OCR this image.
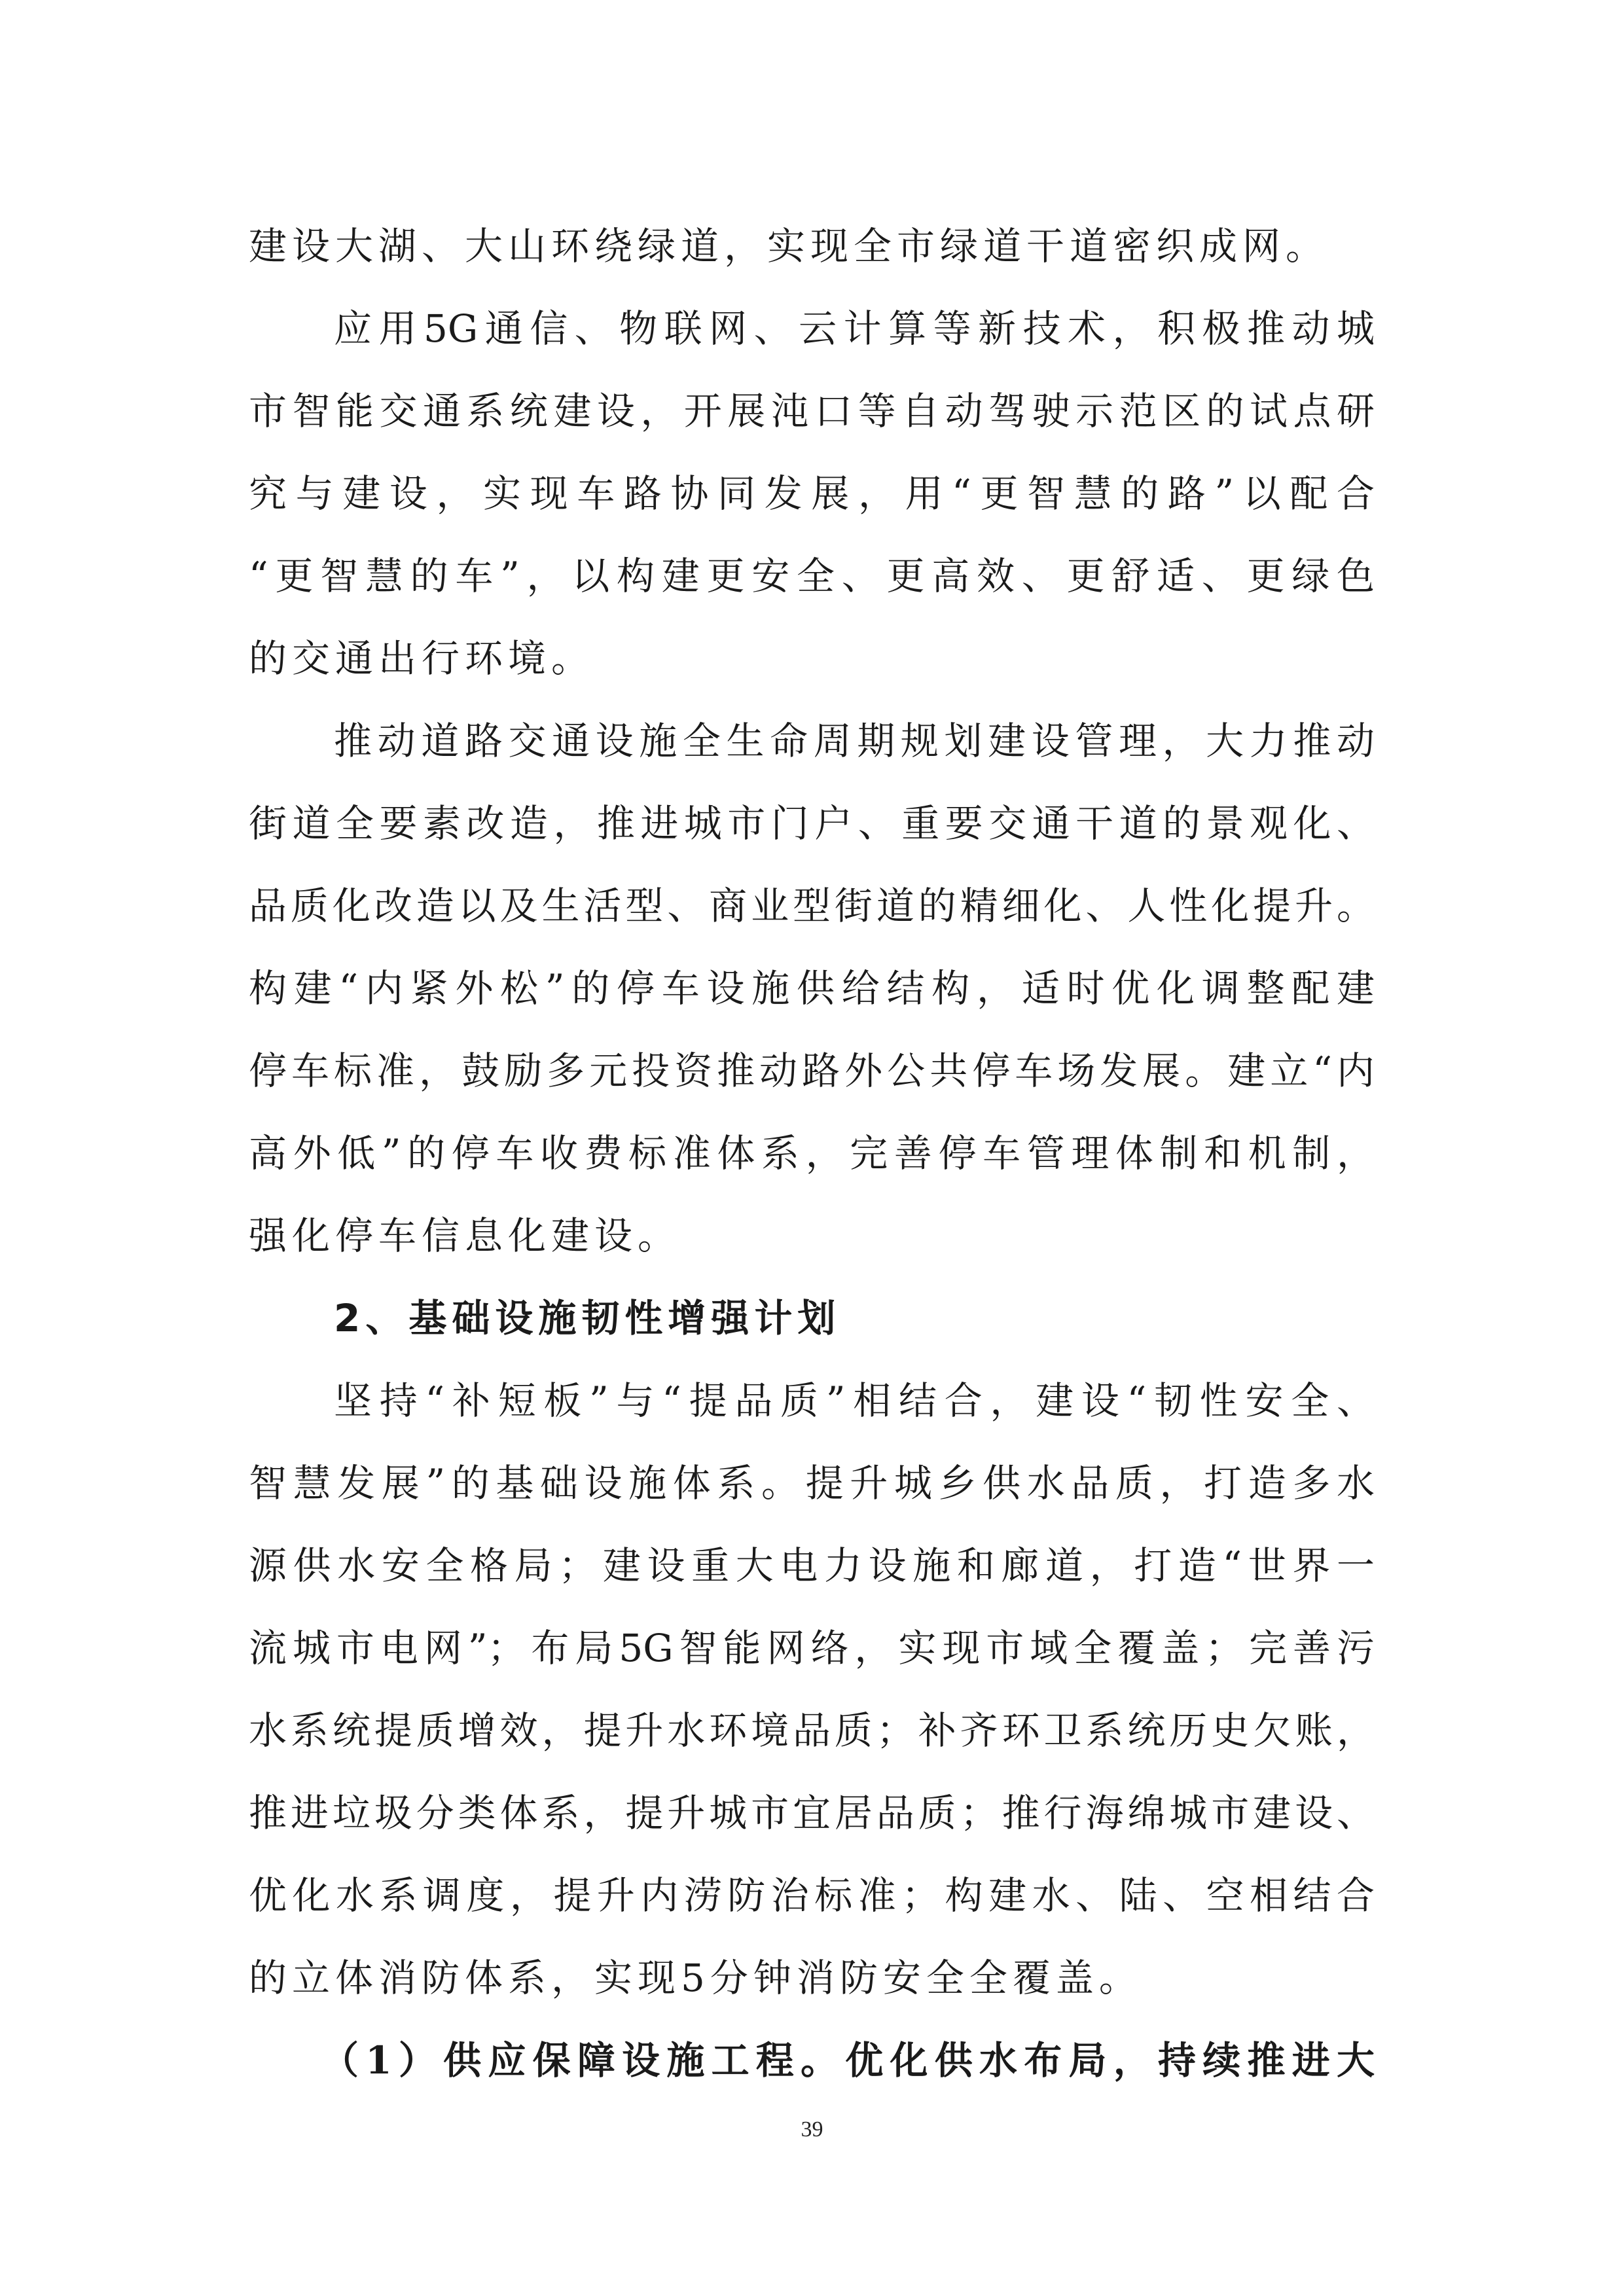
建设大湖、大山环绕绿道，实现全市绿道干道密织成网。
应用5G通信、物联网、云计算等新技术，积极推动城
市智能交通系统建设，开展沌口等自动驾驶示范区的试点研
究与建设，实现车路协同发展，用“更智慧的路”以配合
“更智慧的车”，以构建更安全、更高效、更舒适、更绿色
的交通出行环境。
推动道路交通设施全生命周期规划建设管理，大力推动
街道全要素改造，推进城市门户、重要交通干道的景观化、
品质化改造以及生活型、商业型街道的精细化、人性化提升。
构建“内紧外松”的停车设施供给结构，适时优化调整配建
停车标准，鼓励多元投资推动路外公共停车场发展。建立“内
高外低”的停车收费标准体系，完善停车管理体制和机制，
强化停车信息化建设。
2、基础设施韧性增强计划
坚持“补短板”与“提品质”相结合，建设“韧性安全、
智慧发展”的基础设施体系。提升城乡供水品质，打造多水
源供水安全格局；建设重大电力设施和廊道，打造“世界一
流城市电网”；布局5G智能网络，实现市域全覆盖；完善污
水系统提质增效，提升水环境品质；补齐环卫系统历史欠账，
推进垃圾分类体系，提升城市宜居品质；推行海绵城市建设、
优化水系调度，提升内涝防治标准；构建水、陆、空相结合
的立体消防体系，实现5分钟消防安全全覆盖。
（1）供应保障设施工程。优化供水布局，持续推进大
39
